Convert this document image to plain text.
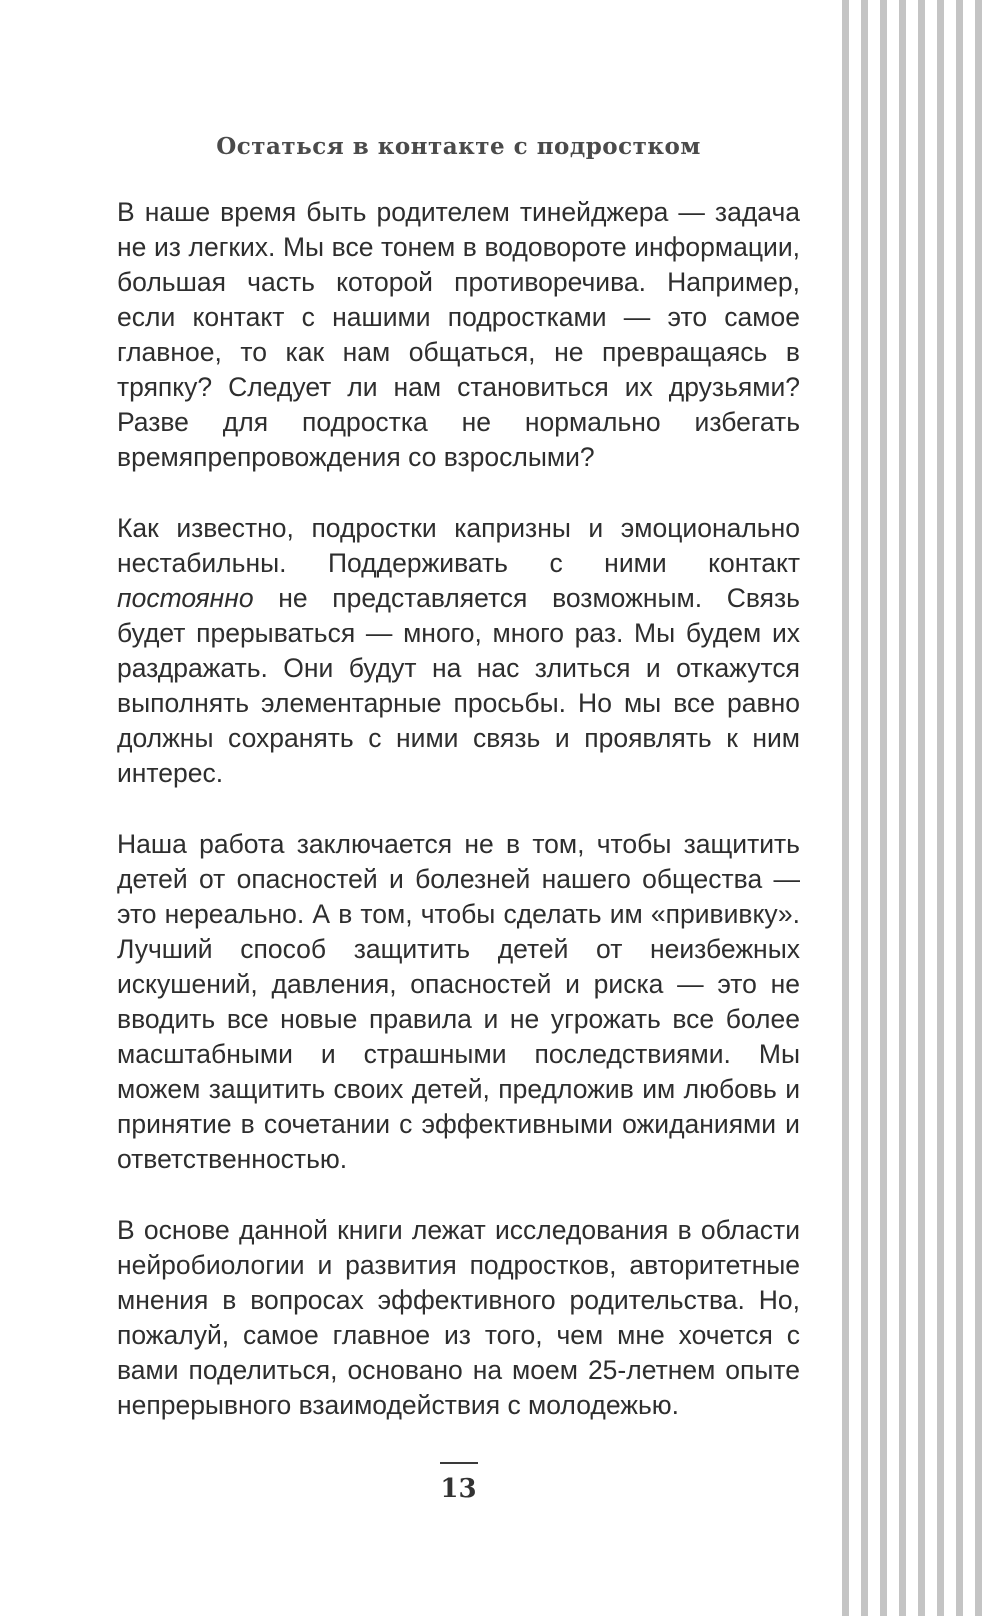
Остаться в контакте с подростком

В наше время быть родителем тинейджера — задача не из легких. Мы все тонем в водовороте информации, большая часть которой противоречива. Например, если контакт с нашими подростками — это самое главное, то как нам общаться, не превращаясь в тряпку? Следует ли нам становиться их друзьями? Разве для подростка не нормально избегать времяпрепровождения со взрослыми?

Как известно, подростки капризны и эмоционально нестабильны. Поддерживать с ними контакт постоянно не представляется возможным. Связь будет прерываться — много, много раз. Мы будем их раздражать. Они будут на нас злиться и откажутся выполнять элементарные просьбы. Но мы все равно должны сохранять с ними связь и проявлять к ним интерес.

Наша работа заключается не в том, чтобы защитить детей от опасностей и болезней нашего общества — это нереально. А в том, чтобы сделать им «прививку». Лучший способ защитить детей от неизбежных искушений, давления, опасностей и риска — это не вводить все новые правила и не угрожать все более масштабными и страшными последствиями. Мы можем защитить своих детей, предложив им любовь и принятие в сочетании с эффективными ожиданиями и ответственностью.

В основе данной книги лежат исследования в области нейробиологии и развития подростков, авторитетные мнения в вопросах эффективного родительства. Но, пожалуй, самое главное из того, чем мне хочется с вами поделиться, основано на моем 25-летнем опыте непрерывного взаимодействия с молодежью.

13
